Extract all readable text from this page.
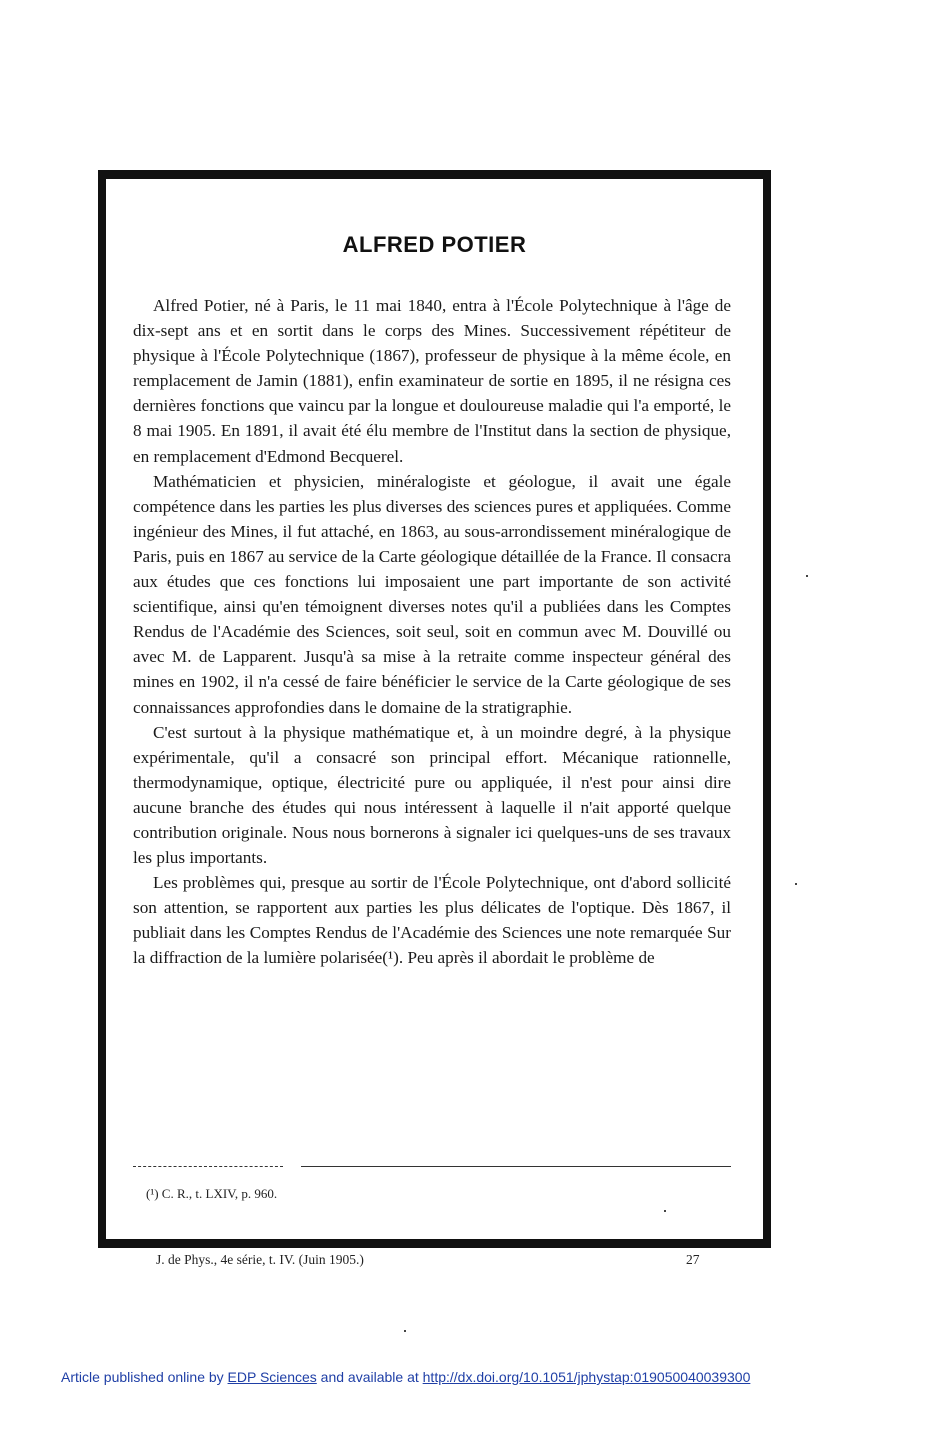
ALFRED POTIER

Alfred Potier, né à Paris, le 11 mai 1840, entra à l'École Polytechnique à l'âge de dix-sept ans et en sortit dans le corps des Mines. Successivement répétiteur de physique à l'École Polytechnique (1867), professeur de physique à la même école, en remplacement de Jamin (1881), enfin examinateur de sortie en 1895, il ne résigna ces dernières fonctions que vaincu par la longue et douloureuse maladie qui l'a emporté, le 8 mai 1905. En 1891, il avait été élu membre de l'Institut dans la section de physique, en remplacement d'Edmond Becquerel.

Mathématicien et physicien, minéralogiste et géologue, il avait une égale compétence dans les parties les plus diverses des sciences pures et appliquées. Comme ingénieur des Mines, il fut attaché, en 1863, au sous-arrondissement minéralogique de Paris, puis en 1867 au service de la Carte géologique détaillée de la France. Il consacra aux études que ces fonctions lui imposaient une part importante de son activité scientifique, ainsi qu'en témoignent diverses notes qu'il a publiées dans les Comptes Rendus de l'Académie des Sciences, soit seul, soit en commun avec M. Douvillé ou avec M. de Lapparent. Jusqu'à sa mise à la retraite comme inspecteur général des mines en 1902, il n'a cessé de faire bénéficier le service de la Carte géologique de ses connaissances approfondies dans le domaine de la stratigraphie.

C'est surtout à la physique mathématique et, à un moindre degré, à la physique expérimentale, qu'il a consacré son principal effort. Mécanique rationnelle, thermodynamique, optique, électricité pure ou appliquée, il n'est pour ainsi dire aucune branche des études qui nous intéressent à laquelle il n'ait apporté quelque contribution originale. Nous nous bornerons à signaler ici quelques-uns de ses travaux les plus importants.

Les problèmes qui, presque au sortir de l'École Polytechnique, ont d'abord sollicité son attention, se rapportent aux parties les plus délicates de l'optique. Dès 1867, il publiait dans les Comptes Rendus de l'Académie des Sciences une note remarquée Sur la diffraction de la lumière polarisée(¹). Peu après il abordait le problème de

(¹) C. R., t. LXIV, p. 960.
J. de Phys., 4e série, t. IV. (Juin 1905.)	27
Article published online by EDP Sciences and available at http://dx.doi.org/10.1051/jphystap:019050040039300
